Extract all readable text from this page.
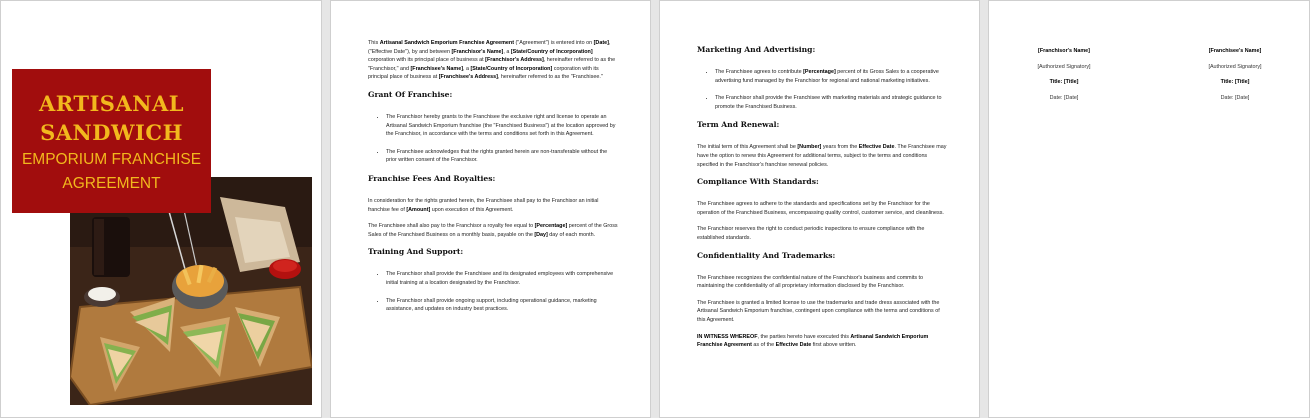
ARTISANAL
SANDWICH
EMPORIUM FRANCHISE
AGREEMENT

This Artisanal Sandwich Emporium Franchise Agreement ("Agreement") is entered into on [Date], ("Effective Date"), by and between [Franchisor's Name], a [State/Country of Incorporation] corporation with its principal place of business at [Franchisor's Address], hereinafter referred to as the "Franchisor," and [Franchisee's Name], a [State/Country of Incorporation] corporation with its principal place of business at [Franchisee's Address], hereinafter referred to as the "Franchisee."

Grant Of Franchise:
• The Franchisor hereby grants to the Franchisee the exclusive right and license to operate an Artisanal Sandwich Emporium franchise (the "Franchised Business") at the location approved by the Franchisor, in accordance with the terms and conditions set forth in this Agreement.
• The Franchisee acknowledges that the rights granted herein are non-transferable without the prior written consent of the Franchisor.
Franchise Fees And Royalties:

In consideration for the rights granted herein, the Franchisee shall pay to the Franchisor an initial franchise fee of [Amount] upon execution of this Agreement.

The Franchisee shall also pay to the Franchisor a royalty fee equal to [Percentage] percent of the Gross Sales of the Franchised Business on a monthly basis, payable on the [Day] day of each month.

Training And Support:
• The Franchisor shall provide the Franchisee and its designated employees with comprehensive initial training at a location designated by the Franchisor.
• The Franchisor shall provide ongoing support, including operational guidance, marketing assistance, and updates on industry best practices.
Marketing And Advertising:
• The Franchisee agrees to contribute [Percentage] percent of its Gross Sales to a cooperative advertising fund managed by the Franchisor for regional and national marketing initiatives.
• The Franchisor shall provide the Franchisee with marketing materials and strategic guidance to promote the Franchised Business.
Term And Renewal:

The initial term of this Agreement shall be [Number] years from the Effective Date. The Franchisee may have the option to renew this Agreement for additional terms, subject to the terms and conditions specified in the Franchisor's franchise renewal policies.

Compliance With Standards:

The Franchisee agrees to adhere to the standards and specifications set by the Franchisor for the operation of the Franchised Business, encompassing quality control, customer service, and cleanliness.

The Franchisor reserves the right to conduct periodic inspections to ensure compliance with the established standards.

Confidentiality And Trademarks:

The Franchisee recognizes the confidential nature of the Franchisor's business and commits to maintaining the confidentiality of all proprietary information disclosed by the Franchisor.

The Franchisee is granted a limited license to use the trademarks and trade dress associated with the Artisanal Sandwich Emporium franchise, contingent upon compliance with the terms and conditions of this Agreement.

IN WITNESS WHEREOF, the parties hereto have executed this Artisanal Sandwich Emporium Franchise Agreement as of the Effective Date first above written.

[Franchisor's Name]
[Authorized Signatory]
Title: [Title]
Date: [Date]
[Franchisee's Name]
[Authorized Signatory]
Title: [Title]
Date: [Date]
